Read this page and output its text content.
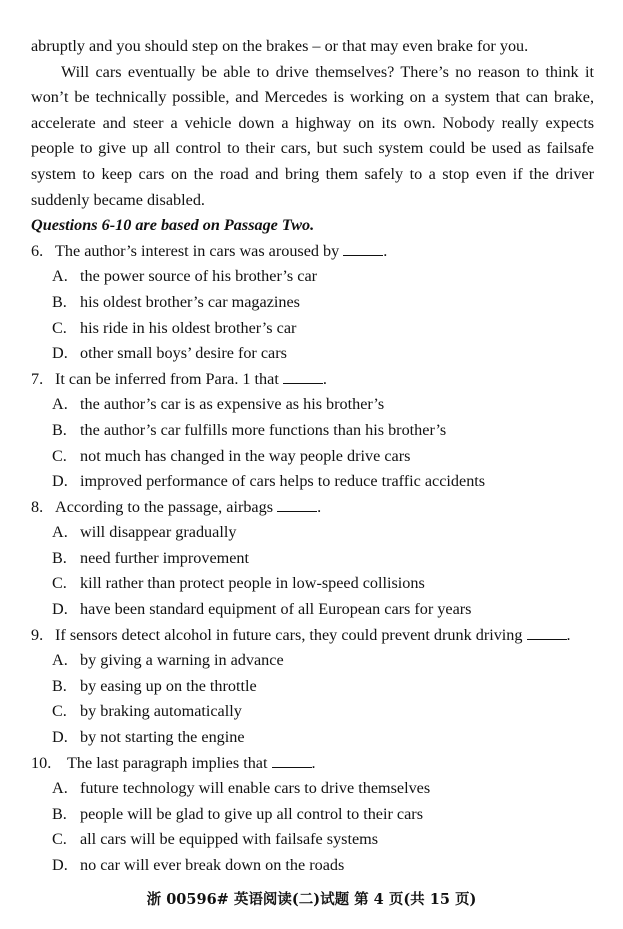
abruptly and you should step on the brakes – or that may even brake for you.

Will cars eventually be able to drive themselves? There’s no reason to think it won’t be technically possible, and Mercedes is working on a system that can brake, accelerate and steer a vehicle down a highway on its own. Nobody really expects people to give up all control to their cars, but such system could be used as failsafe system to keep cars on the road and bring them safely to a stop even if the driver suddenly became disabled.

Questions 6-10 are based on Passage Two.

6. The author’s interest in cars was aroused by	.

A. the power source of his brother’s car

B. his oldest brother’s car magazines

C. his ride in his oldest brother’s car

D. other small boys’ desire for cars

7. It can be inferred from Para. 1 that	.

A. the author’s car is as expensive as his brother’s

B. the author’s car fulfills more functions than his brother’s

C. not much has changed in the way people drive cars

D. improved performance of cars helps to reduce traffic accidents

8. According to the passage, airbags	.

A. will disappear gradually

B. need further improvement

C. kill rather than protect people in low-speed collisions

D. have been standard equipment of all European cars for years

9. If sensors detect alcohol in future cars, they could prevent drunk driving	.

A. by giving a warning in advance

B. by easing up on the throttle

C. by braking automatically

D. by not starting the engine

10. The last paragraph implies that	.

A. future technology will enable cars to drive themselves

B. people will be glad to give up all control to their cars

C. all cars will be equipped with failsafe systems

D. no car will ever break down on the roads

浙 00596# 英语阅读(二)试题 第 4 页(共 15 页)
